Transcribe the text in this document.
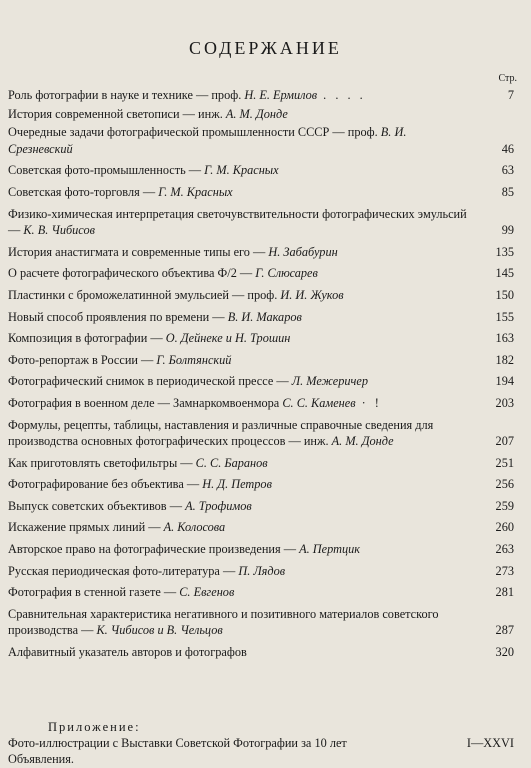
СОДЕРЖАНИЕ
Стр.
Роль фотографии в науке и технике — проф. Н. Е. Ермилов . . . .	7
История современной светописи — инж. А. М. Донде
Очередные задачи фотографической промышленности СССР — проф. В. И. Срезневский	46
Советская фото-промышленность — Г. М. Красных	63
Советская фото-торговля — Г. М. Красных	85
Физико-химическая интерпретация светочувствительности фотографических эмульсий — К. В. Чибисов	99
История анастигмата и современные типы его — Н. Забабурин	135
О расчете фотографического объектива Ф/2 — Г. Слюсарев	145
Пластинки с броможелатинной эмульсией — проф. И. И. Жуков	150
Новый способ проявления по времени — В. И. Макаров	155
Композиция в фотографии — О. Дейнеке и Н. Трошин	163
Фото-репортаж в России — Г. Болтянский	182
Фотографический снимок в периодической прессе — Л. Межеричер	194
Фотография в военном деле — Замнаркомвоенмора С. С. Каменев · !	203
Формулы, рецепты, таблицы, наставления и различные справочные сведения для производства основных фотографических процессов — инж. А. М. Донде	207
Как приготовлять светофильтры — С. С. Баранов	251
Фотографирование без объектива — Н. Д. Петров	256
Выпуск советских объективов — А. Трофимов	259
Искажение прямых линий — А. Колосова	260
Авторское право на фотографические произведения — А. Пертцик	263
Русская периодическая фото-литература — П. Лядов	273
Фотография в стенной газете — С. Евгенов	281
Сравнительная характеристика негативного и позитивного материалов советского производства — К. Чибисов и В. Чельцов	287
Алфавитный указатель авторов и фотографов	320
Приложение:
Фото-иллюстрации с Выставки Советской Фотографии за 10 лет	I—XXVI
Объявления.
